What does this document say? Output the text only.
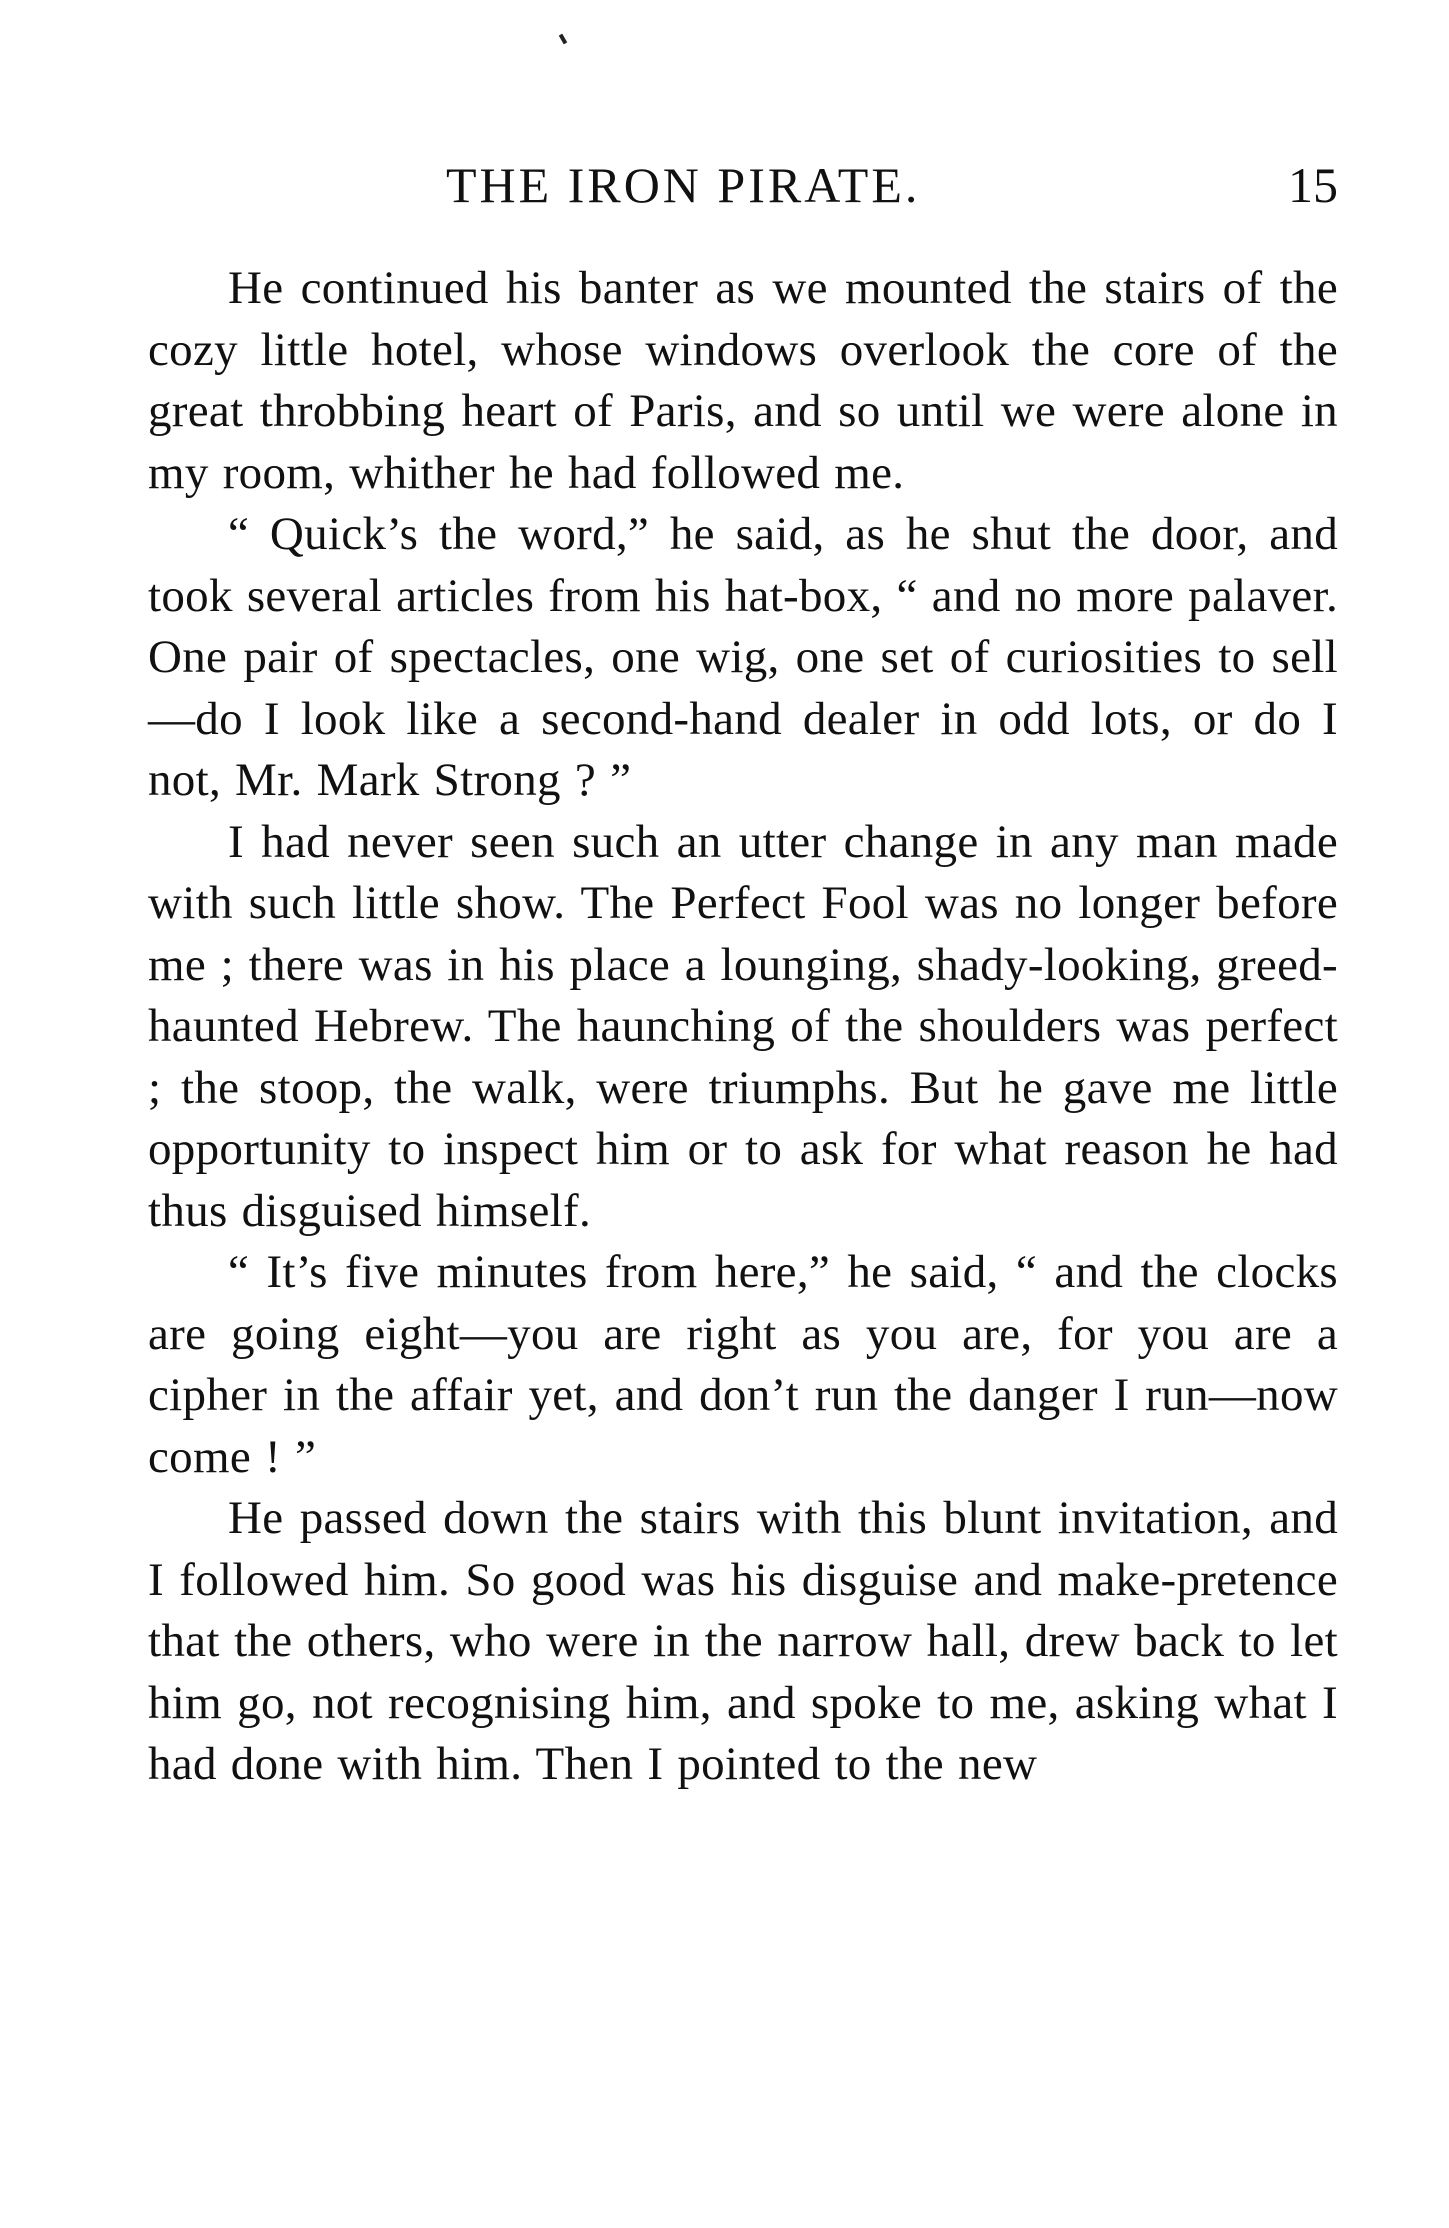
THE IRON PIRATE.	15

He continued his banter as we mounted the stairs of the cozy little hotel, whose windows overlook the core of the great throbbing heart of Paris, and so until we were alone in my room, whither he had followed me.

“ Quick’s the word,” he said, as he shut the door, and took several articles from his hat-box, “ and no more palaver. One pair of spectacles, one wig, one set of curiosities to sell—do I look like a second-hand dealer in odd lots, or do I not, Mr. Mark Strong ? ”

I had never seen such an utter change in any man made with such little show. The Perfect Fool was no longer before me ; there was in his place a lounging, shady-looking, greed-haunted Hebrew. The haunching of the shoulders was perfect ; the stoop, the walk, were triumphs. But he gave me little opportunity to inspect him or to ask for what reason he had thus disguised himself.

“ It’s five minutes from here,” he said, “ and the clocks are going eight—you are right as you are, for you are a cipher in the affair yet, and don’t run the danger I run—now come ! ”

He passed down the stairs with this blunt invitation, and I followed him. So good was his disguise and make-pretence that the others, who were in the narrow hall, drew back to let him go, not recognising him, and spoke to me, asking what I had done with him. Then I pointed to the new
